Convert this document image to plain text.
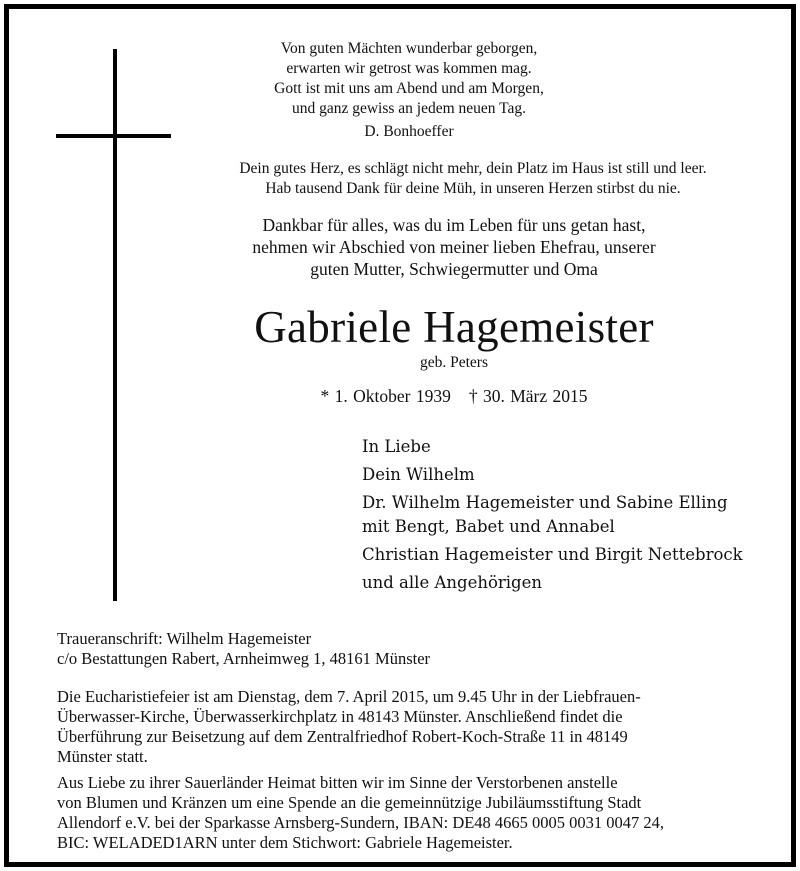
Von guten Mächten wunderbar geborgen,
erwarten wir getrost was kommen mag.
Gott ist mit uns am Abend und am Morgen,
und ganz gewiss an jedem neuen Tag.
D. Bonhoeffer
Dein gutes Herz, es schlägt nicht mehr, dein Platz im Haus ist still und leer.
Hab tausend Dank für deine Müh, in unseren Herzen stirbst du nie.
Dankbar für alles, was du im Leben für uns getan hast,
nehmen wir Abschied von meiner lieben Ehefrau, unserer
guten Mutter, Schwiegermutter und Oma
Gabriele Hagemeister
geb. Peters
* 1. Oktober 1939 † 30. März 2015
In Liebe
Dein Wilhelm
Dr. Wilhelm Hagemeister und Sabine Elling
mit Bengt, Babet und Annabel
Christian Hagemeister und Birgit Nettebrock
und alle Angehörigen
Traueranschrift: Wilhelm Hagemeister
c/o Bestattungen Rabert, Arnheimweg 1, 48161 Münster
Die Eucharistiefeier ist am Dienstag, dem 7. April 2015, um 9.45 Uhr in der Liebfrauen-
Überwasser-Kirche, Überwasserkirchplatz in 48143 Münster. Anschließend findet die
Überführung zur Beisetzung auf dem Zentralfriedhof Robert-Koch-Straße 11 in 48149
Münster statt.
Aus Liebe zu ihrer Sauerländer Heimat bitten wir im Sinne der Verstorbenen anstelle
von Blumen und Kränzen um eine Spende an die gemeinnützige Jubiläumsstiftung Stadt
Allendorf e.V. bei der Sparkasse Arnsberg-Sundern, IBAN: DE48 4665 0005 0031 0047 24,
BIC: WELADED1ARN unter dem Stichwort: Gabriele Hagemeister.
